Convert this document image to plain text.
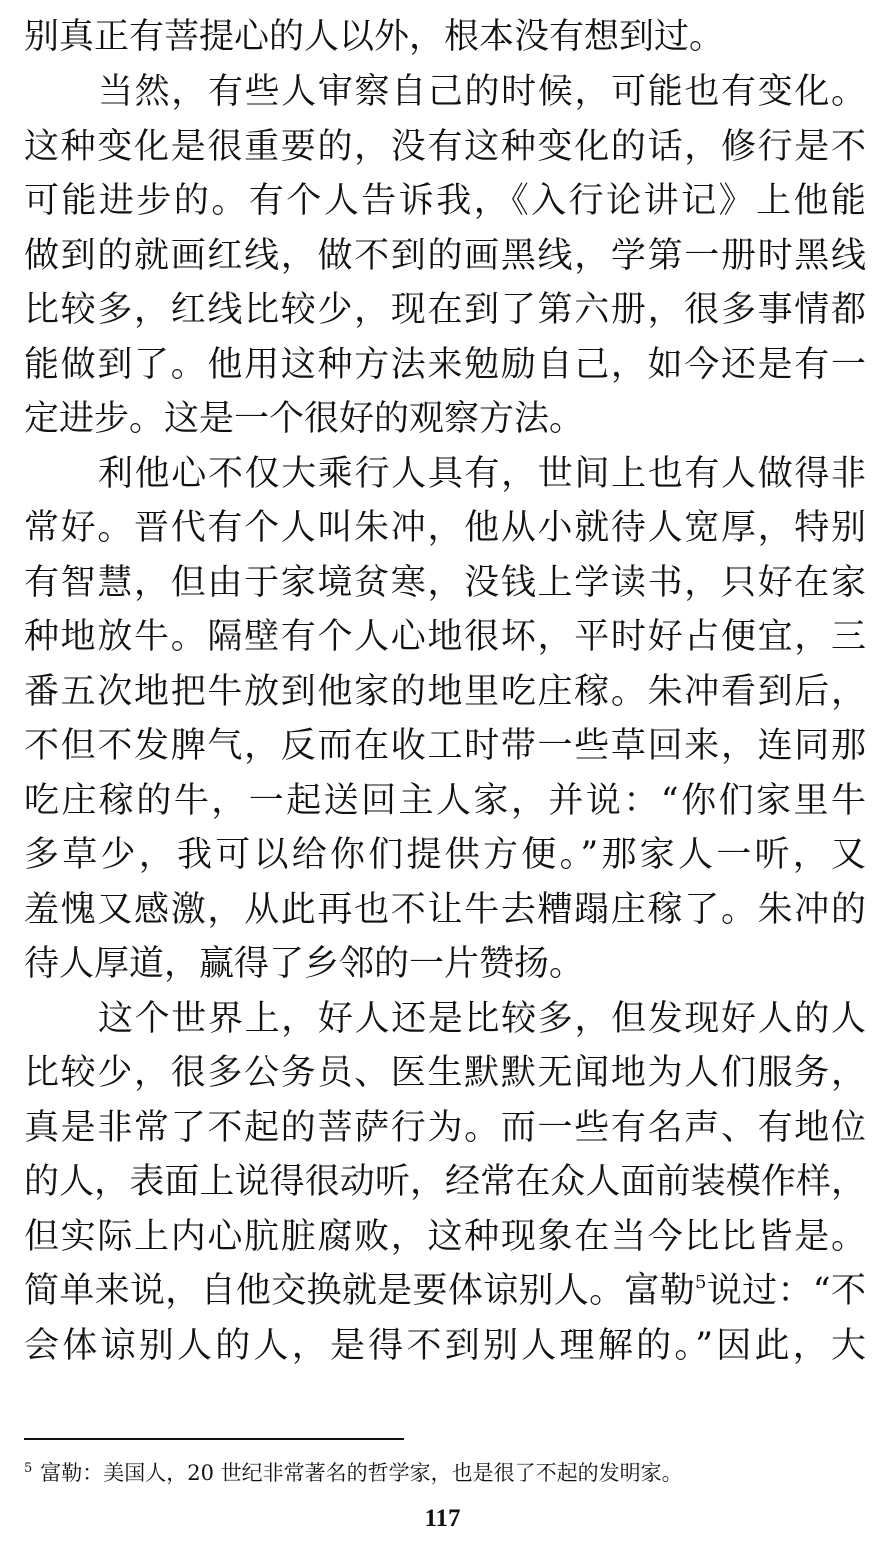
别真正有菩提心的人以外，根本没有想到过。
当然，有些人审察自己的时候，可能也有变化。
这种变化是很重要的，没有这种变化的话，修行是不
可能进步的。有个人告诉我，《入行论讲记》上他能
做到的就画红线，做不到的画黑线，学第一册时黑线
比较多，红线比较少，现在到了第六册，很多事情都
能做到了。他用这种方法来勉励自己，如今还是有一
定进步。这是一个很好的观察方法。
利他心不仅大乘行人具有，世间上也有人做得非
常好。晋代有个人叫朱冲，他从小就待人宽厚，特别
有智慧，但由于家境贫寒，没钱上学读书，只好在家
种地放牛。隔壁有个人心地很坏，平时好占便宜，三
番五次地把牛放到他家的地里吃庄稼。朱冲看到后，
不但不发脾气，反而在收工时带一些草回来，连同那
吃庄稼的牛，一起送回主人家，并说：“你们家里牛
多草少，我可以给你们提供方便。”那家人一听，又
羞愧又感激，从此再也不让牛去糟蹋庄稼了。朱冲的
待人厚道，赢得了乡邻的一片赞扬。
这个世界上，好人还是比较多，但发现好人的人
比较少，很多公务员、医生默默无闻地为人们服务，
真是非常了不起的菩萨行为。而一些有名声、有地位
的人，表面上说得很动听，经常在众人面前装模作样，
但实际上内心肮脏腐败，这种现象在当今比比皆是。
简单来说，自他交换就是要体谅别人。富勒$^5$说过：“不
会体谅别人的人，是得不到别人理解的。”因此，大
$^5$ 富勒：美国人，20 世纪非常著名的哲学家，也是很了不起的发明家。
117
